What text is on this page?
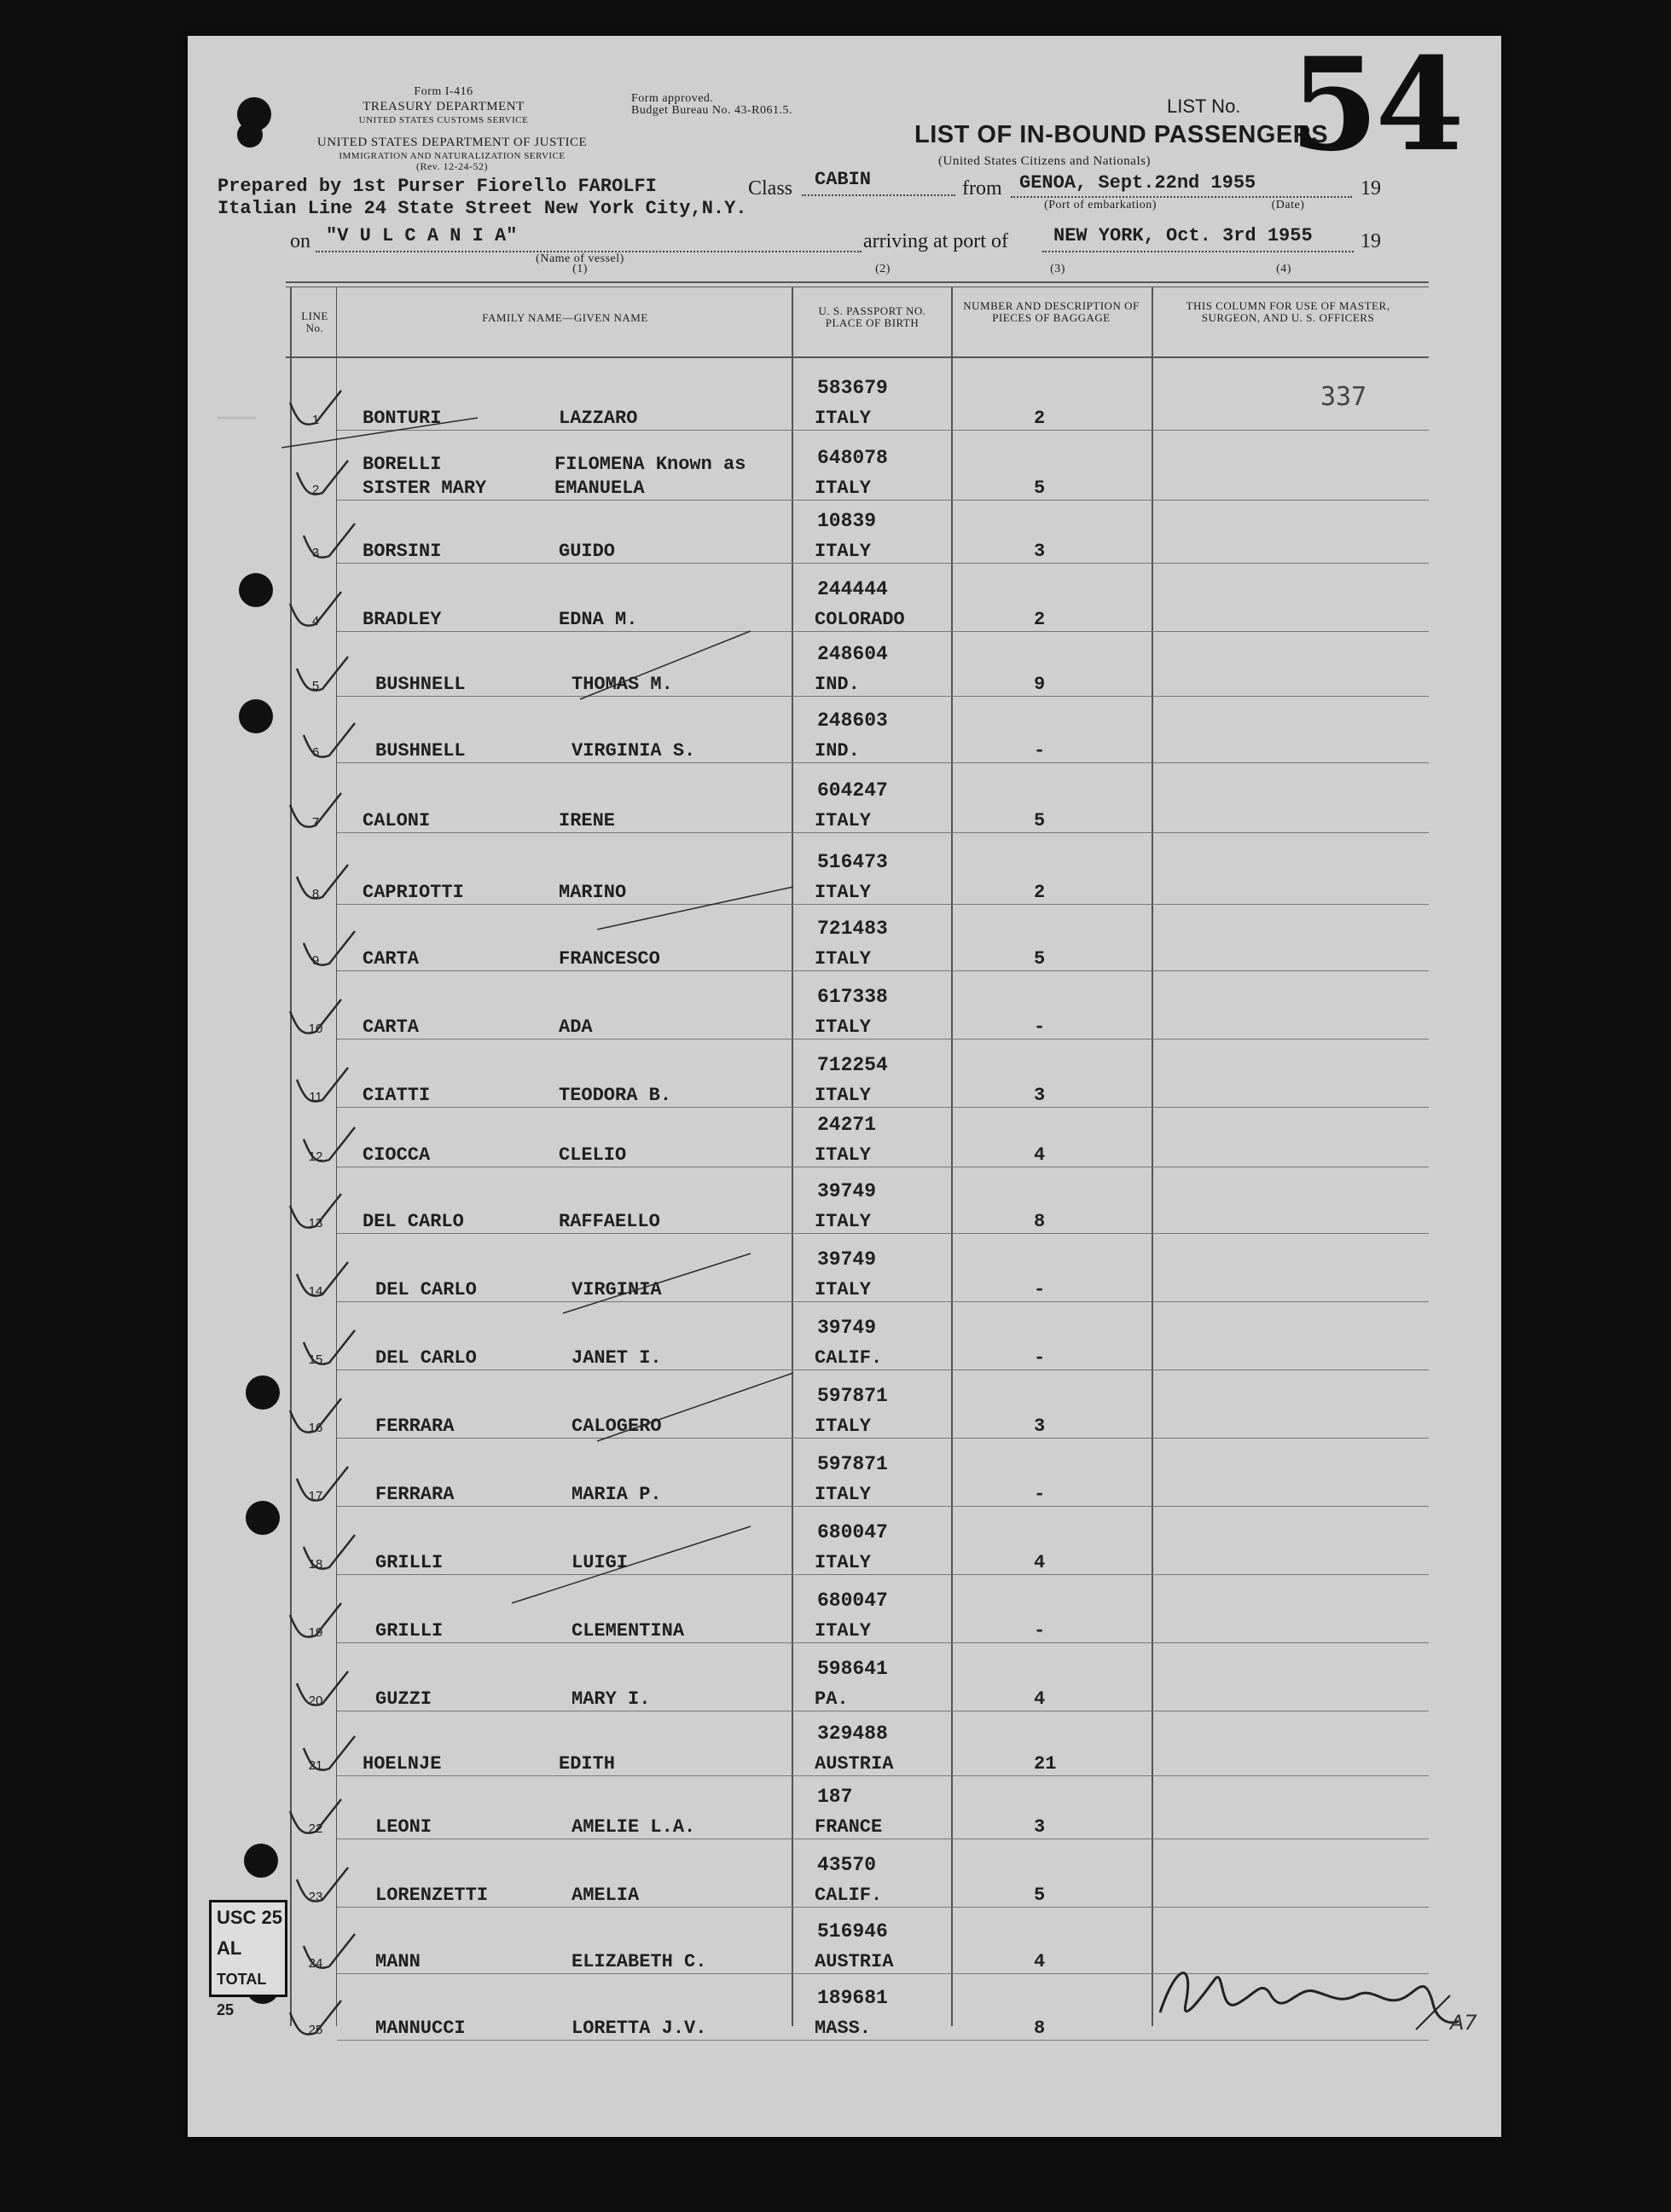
Form I-416
TREASURY DEPARTMENT
UNITED STATES CUSTOMS SERVICE
UNITED STATES DEPARTMENT OF JUSTICE
IMMIGRATION AND NATURALIZATION SERVICE
(Rev. 12-24-52)
Form approved.
Budget Bureau No. 43-R061.5.
LIST OF IN-BOUND PASSENGERS
(United States Citizens and Nationals)
LIST No. 54
Prepared by 1st Purser Fiorello FAROLFI
Italian Line 24 State Street New York City,N.Y.
Class CABIN	from GENOA, Sept.22nd 1955	19
(Port of embarkation)	(Date)
on "V U L C A N I A"
(Name of vessel)
(1)
arriving at port of NEW YORK, Oct. 3rd 1955 19
(2)	(3)	(4)
LINE No.
FAMILY NAME—GIVEN NAME
U. S. PASSPORT NO. PLACE OF BIRTH
NUMBER AND DESCRIPTION OF PIECES OF BAGGAGE
THIS COLUMN FOR USE OF MASTER, SURGEON, AND U. S. OFFICERS
337
1	BONTURI	LAZZARO
583679
ITALY	2
2
BORELLI	FILOMENA Known as
SISTER MARY	EMANUELA
648078
ITALY	5
3	BORSINI	GUIDO
10839
ITALY	3
4	BRADLEY	EDNA M.
244444
COLORADO	2
5	BUSHNELL	THOMAS M.
248604
IND.	9
6	BUSHNELL	VIRGINIA S.
248603
IND.	-
7	CALONI	IRENE
604247
ITALY	5
8	CAPRIOTTI	MARINO
516473
ITALY	2
9	CARTA	FRANCESCO
721483
ITALY	5
10	CARTA	ADA
617338
ITALY	-
11	CIATTI	TEODORA B.
712254
ITALY	3
12	CIOCCA	CLELIO
24271
ITALY	4
13	DEL CARLO	RAFFAELLO
39749
ITALY	8
14	DEL CARLO	VIRGINIA
39749
ITALY	-
15	DEL CARLO	JANET I.
39749
CALIF.	-
16	FERRARA	CALOGERO
597871
ITALY	3
17	FERRARA	MARIA P.
597871
ITALY	-
18	GRILLI	LUIGI
680047
ITALY	4
19	GRILLI	CLEMENTINA
680047
ITALY	-
20	GUZZI	MARY I.
598641
PA.	4
21	HOELNJE	EDITH
329488
AUSTRIA	21
22	LEONI	AMELIE L.A.
187
FRANCE	3
23	LORENZETTI	AMELIA
43570
CALIF.	5
24	MANN	ELIZABETH C.
516946
AUSTRIA	4
25	MANNUCCI	LORETTA J.V.
189681
MASS.	8
USC 25
AL
TOTAL 25
A7
